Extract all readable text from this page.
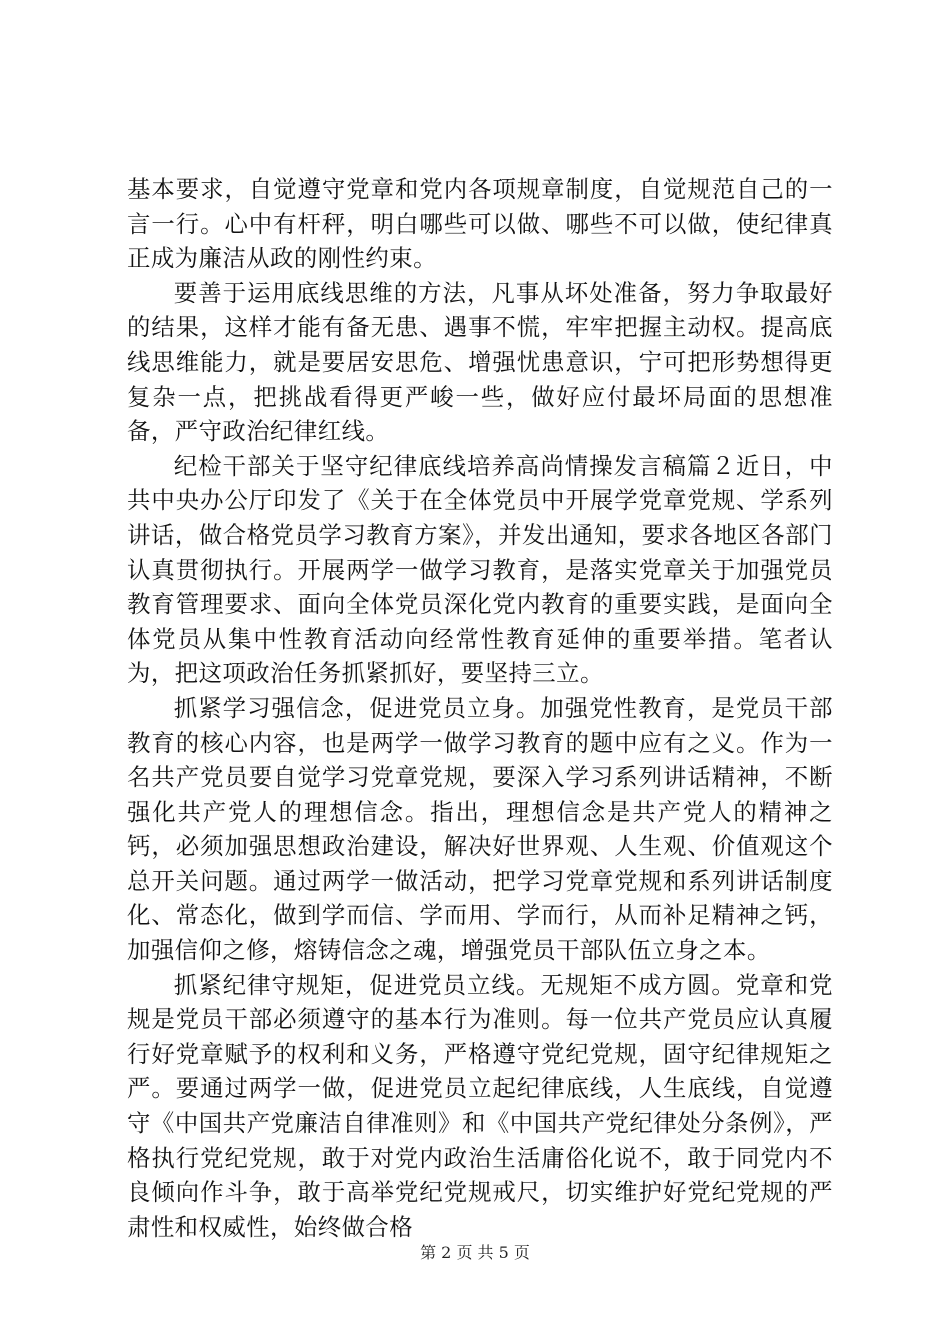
基本要求，自觉遵守党章和党内各项规章制度，自觉规范自己的一言一行。心中有杆秤，明白哪些可以做、哪些不可以做，使纪律真正成为廉洁从政的刚性约束。

要善于运用底线思维的方法，凡事从坏处准备，努力争取最好的结果，这样才能有备无患、遇事不慌，牢牢把握主动权。提高底线思维能力，就是要居安思危、增强忧患意识，宁可把形势想得更复杂一点，把挑战看得更严峻一些，做好应付最坏局面的思想准备，严守政治纪律红线。

纪检干部关于坚守纪律底线培养高尚情操发言稿篇２近日，中共中央办公厅印发了《关于在全体党员中开展学党章党规、学系列讲话，做合格党员学习教育方案》，并发出通知，要求各地区各部门认真贯彻执行。开展两学一做学习教育，是落实党章关于加强党员教育管理要求、面向全体党员深化党内教育的重要实践，是面向全体党员从集中性教育活动向经常性教育延伸的重要举措。笔者认为，把这项政治任务抓紧抓好，要坚持三立。

抓紧学习强信念，促进党员立身。加强党性教育，是党员干部教育的核心内容，也是两学一做学习教育的题中应有之义。作为一名共产党员要自觉学习党章党规，要深入学习系列讲话精神，不断强化共产党人的理想信念。指出，理想信念是共产党人的精神之钙，必须加强思想政治建设，解决好世界观、人生观、价值观这个总开关问题。通过两学一做活动，把学习党章党规和系列讲话制度化、常态化，做到学而信、学而用、学而行，从而补足精神之钙，加强信仰之修，熔铸信念之魂，增强党员干部队伍立身之本。

抓紧纪律守规矩，促进党员立线。无规矩不成方圆。党章和党规是党员干部必须遵守的基本行为准则。每一位共产党员应认真履行好党章赋予的权利和义务，严格遵守党纪党规，固守纪律规矩之严。要通过两学一做，促进党员立起纪律底线，人生底线，自觉遵守《中国共产党廉洁自律准则》和《中国共产党纪律处分条例》，严格执行党纪党规，敢于对党内政治生活庸俗化说不，敢于同党内不良倾向作斗争，敢于高举党纪党规戒尺，切实维护好党纪党规的严肃性和权威性，始终做合格

第 2 页 共 5 页
